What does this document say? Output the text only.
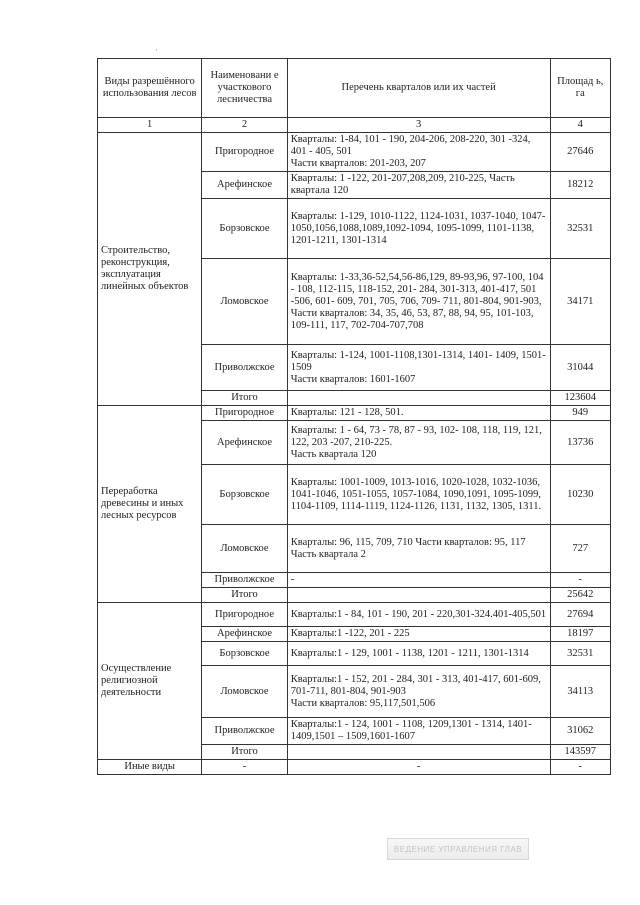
·
Виды разрешённого использования лесов	Наименовани е участкового лесничества	Перечень кварталов или их частей	Площад ь, га
1	2	3	4
Строительство, реконструкция, эксплуатация линейных объектов	Пригородное	Кварталы: 1-84, 101 - 190, 204-206, 208-220, 301 -324, 401 - 405, 501
Части кварталов: 201-203, 207	27646
	Арефинское	Кварталы: 1 -122, 201-207,208,209, 210-225, Часть квартала 120	18212
	Борзовское	Кварталы: 1-129, 1010-1122, 1124-1031, 1037-1040, 1047-1050,1056,1088,1089,1092-1094, 1095-1099, 1101-1138, 1201-1211, 1301-1314	32531
	Ломовское	Кварталы: 1-33,36-52,54,56-86,129, 89-93,96, 97-100, 104 - 108, 112-115, 118-152, 201- 284, 301-313, 401-417, 501 -506, 601- 609, 701, 705, 706, 709- 711, 801-804, 901-903,
Части кварталов: 34, 35, 46, 53, 87, 88, 94, 95, 101-103, 109-111, 117, 702-704-707,708	34171
	Приволжское	Кварталы: 1-124, 1001-1108,1301-1314, 1401- 1409, 1501-1509
Части кварталов: 1601-1607	31044
	Итого		123604
Переработка древесины и иных лесных ресурсов	Пригородное	Кварталы: 121 - 128, 501.	949
	Арефинское	Кварталы: 1 - 64, 73 - 78, 87 - 93, 102- 108, 118, 119, 121, 122, 203 -207, 210-225.
Часть квартала 120	13736
	Борзовское	Кварталы: 1001-1009, 1013-1016, 1020-1028, 1032-1036, 1041-1046, 1051-1055, 1057-1084, 1090,1091, 1095-1099, 1104-1109, 1114-1119, 1124-1126, 1131, 1132, 1305, 1311.	10230
	Ломовское	Кварталы: 96, 115, 709, 710 Части кварталов: 95, 117
Часть квартала 2	727
	Приволжское	-	-
	Итого		25642
Осуществление религиозной деятельности	Пригородное	Кварталы:1 - 84, 101 - 190, 201 - 220,301-324.401-405,501	27694
	Арефинское	Кварталы:1 -122, 201 - 225	18197
	Борзовское	Кварталы:1 - 129, 1001 - 1138, 1201 - 1211, 1301-1314	32531
	Ломовское	Кварталы:1 - 152, 201 - 284, 301 - 313, 401-417, 601-609, 701-711, 801-804, 901-903
Части кварталов: 95,117,501,506	34113
	Приволжское	Кварталы:1 - 124, 1001 - 1108, 1209,1301 - 1314, 1401-1409,1501 – 1509,1601-1607	31062
	Итого		143597
Иные виды	-	-	-
ВЕДЕНИЕ УПРАВЛЕНИЯ ГЛАВ
